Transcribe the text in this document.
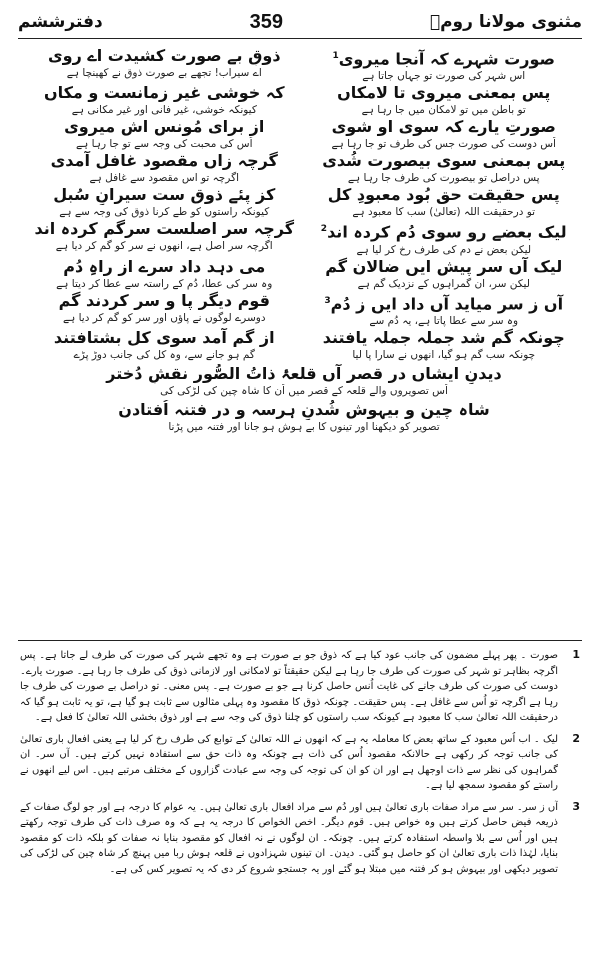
مثنوی مولانا رومؒ
359
دفترششم
صورت شہرے کہ آنجا میروی$^1$
اس شہر کی صورت تو جہاں جاتا ہے
ذوقِ بے صورت کشیدت اے روی
اے سیراب! تجھے بے صورت ذوق نے کھینچا ہے
پس بمعنی میروی تا لامکاں
تو باطن میں تو لامکان میں جا رہا ہے
کہ خوشی غیر زمانست و مکاں
کیونکہ خوشی، غیر فانی اور غیر مکانی ہے
صورتِ یارے کہ سوی او شوی
اُس دوست کی صورت جس کی طرف تو جا رہا ہے
از برای مُونس اش میروی
اُس کی محبت کی وجہ سے تو جا رہا ہے
پس بمعنی سوی بیصورت شُدی
پس دراصل تو بیصورت کی طرف جا رہا ہے
گرچہ زاں مقصود غافل آمدی
اگرچہ تو اس مقصود سے غافل ہے
پس حقیقت حق بُود معبودِ کل
تو درحقیقت اللہ (تعالیٰ) سب کا معبود ہے
کز پئے ذوق ست سیرانِ سُبل
کیونکہ راستوں کو طے کرنا ذوق کی وجہ سے ہے
لیک بعضے رو سوی دُم کردہ اند$^2$
لیکن بعض نے دم کی طرف رخ کر لیا ہے
گرچہ سر اصلست سرگم کردہ اند
اگرچہ سر اصل ہے، انھوں نے سر کو گم کر دیا ہے
لیک آں سر پیش ایں ضالان گم
لیکن سر، ان گمراہوں کے نزدیک گم ہے
می دہد داد سرے از راہِ دُم
وہ سر کی عطا، دُم کے راستہ سے عطا کر دیتا ہے
آں ز سر میاید آں داد ایں ز دُم$^3$
وہ سر سے عطا پاتا ہے، یہ دُم سے
قوم دیگر پا و سر کردند گم
دوسرے لوگوں نے پاؤں اور سر کو گم کر دیا ہے
چونکہ گم شد جملہ جملہ یافتند
چونکہ سب گم ہو گیا، انھوں نے سارا پا لیا
از گم آمد سوی کل بشتافتند
گم ہو جانے سے، وہ کل کی جانب دوڑ پڑے
دیدنِ ایشاں در قصر آں قلعۂ ذاتُ الصُّور نقشِ دُختر
اُس تصویروں والے قلعہ کے قصر میں اُن کا شاہ چین کی لڑکی کی
شاہ چین و بیہوش شُدنِ ہرسہ و در فتنہ اُفتادن
تصویر کو دیکھنا اور تینوں کا بے ہوش ہو جانا اور فتنہ میں پڑنا
1
صورت ۔ پھر پہلے مضمون کی جانب عود کیا ہے کہ ذوق جو بے صورت ہے وہ تجھے شہر کی صورت کی طرف لے جاتا ہے۔ پس اگرچہ بظاہر تو شہر کی صورت کی طرف جا رہا ہے لیکن حقیقتاً تو لامکانی اور لازمانی ذوق کی طرف جا رہا ہے۔ صورت یارے۔ دوست کی صورت کی طرف جانے کی غایت اُنس حاصل کرنا ہے جو بے صورت ہے۔ پس معنی۔ تو دراصل بے صورت کی طرف جا رہا ہے اگرچہ تو اُس سے غافل ہے۔ پس حقیقت۔ چونکہ ذوق کا مقصود وہ پہلی مثالوں سے ثابت ہو گیا ہے، تو یہ ثابت ہو گیا کہ درحقیقت اللہ تعالیٰ سب کا معبود ہے کیونکہ سب راستوں کو چلنا ذوق کی وجہ سے ہے اور ذوق بخشی اللہ تعالیٰ کا فعل ہے۔
2
لیک ۔ اب اُس معبود کے ساتھ بعض کا معاملہ یہ ہے کہ انھوں نے اللہ تعالیٰ کے توابع کی طرف رخ کر لیا ہے یعنی افعال باری تعالیٰ کی جانب توجہ کر رکھی ہے حالانکہ مقصود اُس کی ذات ہے چونکہ وہ ذات حق سے استفادہ نہیں کرتے ہیں۔ آں سر۔ ان گمراہوں کی نظر سے ذات اوجھل ہے اور ان کو ان کی توجہ کی وجہ سے عبادت گزاروں کے مختلف مرتبے ہیں۔ اس لیے انھوں نے راستے کو مقصود سمجھ لیا ہے۔
3
آں ز سر۔ سر سے مراد صفات باری تعالیٰ ہیں اور دُم سے مراد افعال باری تعالیٰ ہیں۔ یہ عوام کا درجہ ہے اور جو لوگ صفات کے ذریعہ فیض حاصل کرتے ہیں وہ خواص ہیں۔ قوم دیگر۔ اخص الخواص کا درجہ یہ ہے کہ وہ صرف ذات کی طرف توجہ رکھتے ہیں اور اُس سے بلا واسطہ استفادہ کرتے ہیں۔ چونکہ۔ ان لوگوں نے نہ افعال کو مقصود بنایا نہ صفات کو بلکہ ذات کو مقصود بنایا، لہٰذا ذات باری تعالیٰ ان کو حاصل ہو گئی۔ دیدن۔ ان تینوں شہزادوں نے قلعہ ہوش ربا میں پہنچ کر شاہ چین کی لڑکی کی تصویر دیکھی اور بیہوش ہو کر فتنہ میں مبتلا ہو گئے اور یہ جستجو شروع کر دی کہ یہ تصویر کس کی ہے۔
